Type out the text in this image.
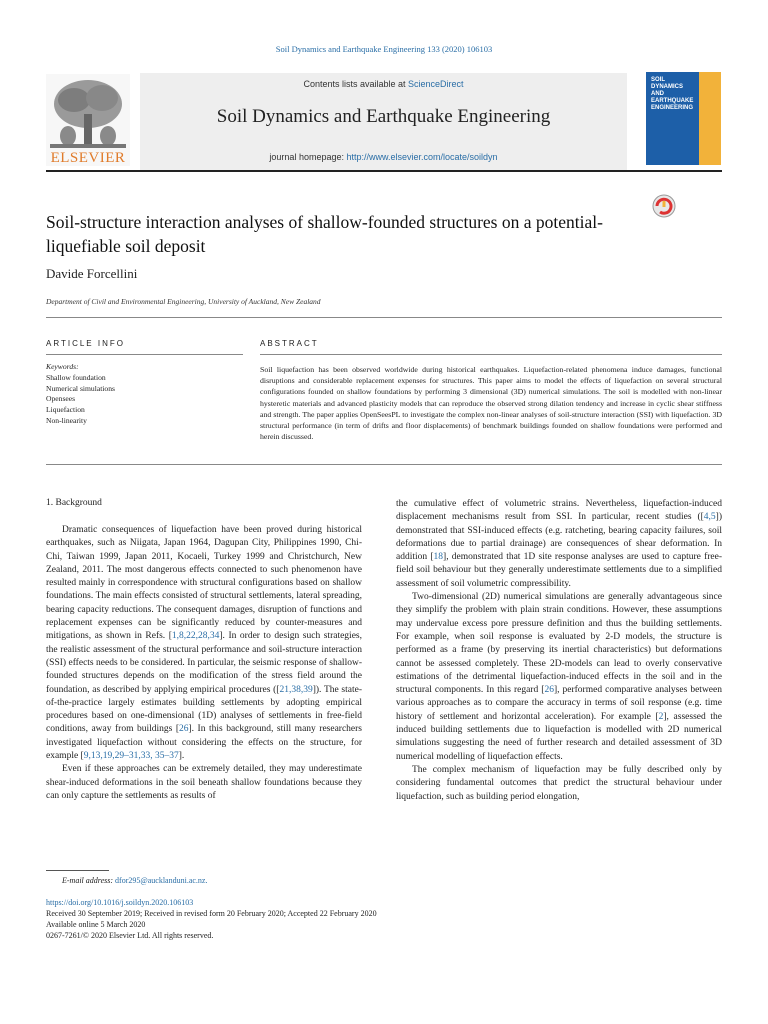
Soil Dynamics and Earthquake Engineering 133 (2020) 106103
ELSEVIER
Contents lists available at ScienceDirect
Soil Dynamics and Earthquake Engineering
journal homepage: http://www.elsevier.com/locate/soildyn
SOIL DYNAMICS AND EARTHQUAKE ENGINEERING
Soil-structure interaction analyses of shallow-founded structures on a potential-liquefiable soil deposit
Davide Forcellini
Department of Civil and Environmental Engineering, University of Auckland, New Zealand
ARTICLE INFO	ABSTRACT
Keywords:
Shallow foundation
Numerical simulations
Opensees
Liquefaction
Non-linearity
Soil liquefaction has been observed worldwide during historical earthquakes. Liquefaction-related phenomena induce damages, functional disruptions and considerable replacement expenses for structures. This paper aims to model the effects of liquefaction on several structural configurations founded on shallow foundations by performing 3 dimensional (3D) numerical simulations. The soil is modelled with non-linear hysteretic materials and advanced plasticity models that can reproduce the observed strong dilation tendency and increase in cyclic shear stiffness and strength. The paper applies OpenSeesPL to investigate the complex non-linear analyses of soil-structure interaction (SSI) with liquefaction. 3D structural performance (in term of drifts and floor displacements) of benchmark buildings founded on shallow foundations were performed and herein discussed.
1. Background

Dramatic consequences of liquefaction have been proved during historical earthquakes, such as Niigata, Japan 1964, Dagupan City, Philippines 1990, Chi-Chi, Taiwan 1999, Japan 2011, Kocaeli, Turkey 1999 and Christchurch, New Zealand, 2011. The most dangerous effects connected to such phenomenon have resulted mainly in correspondence with structural configurations based on shallow foundations. The main effects consisted of structural settlements, lateral spreading, bearing capacity reductions. The consequent damages, disruption of functions and replacement expenses can be significantly reduced by counter-measures and mitigations, as shown in Refs. [1,8,22,28,34]. In order to design such strategies, the realistic assessment of the structural performance and soil-structure interaction (SSI) effects needs to be considered. In particular, the seismic response of shallow-founded structures depends on the modification of the stress field around the foundation, as described by applying empirical procedures ([21,38,39]). The state-of-the-practice largely estimates building settlements by adopting empirical procedures based on one-dimensional (1D) analyses of settlements in free-field conditions, away from buildings [26]. In this background, still many researchers investigated liquefaction without considering the effects on the structure, for example [9,13,19,29–31,33, 35–37].

Even if these approaches can be extremely detailed, they may underestimate shear-induced deformations in the soil beneath shallow foundations because they can only capture the settlements as results of

the cumulative effect of volumetric strains. Nevertheless, liquefaction-induced displacement mechanisms result from SSI. In particular, recent studies ([4,5]) demonstrated that SSI-induced effects (e.g. ratcheting, bearing capacity failures, soil deformations due to partial drainage) are consequences of shear deformation. In addition [18], demonstrated that 1D site response analyses are used to capture free-field soil behaviour but they generally underestimate settlements due to a simplified assessment of soil volumetric compressibility.

Two-dimensional (2D) numerical simulations are generally advantageous since they simplify the problem with plain strain conditions. However, these assumptions may undervalue excess pore pressure definition and thus the building settlements. For example, when soil response is evaluated by 2-D models, the structure is performed as a frame (by preserving its inertial characteristics) but deformations cannot be assessed completely. These 2D-models can lead to overly conservative estimations of the detrimental liquefaction-induced effects in the soil and in the structural components. In this regard [26], performed comparative analyses between various approaches as to compare the accuracy in terms of soil response (e.g. time history of settlement and horizontal acceleration). For example [2], assessed the induced building settlements due to liquefaction is modelled with 2D numerical simulations suggesting the need of further research and detailed assessment of 3D numerical modelling of liquefaction effects.

The complex mechanism of liquefaction may be fully described only by considering fundamental outcomes that predict the structural behaviour under liquefaction, such as building period elongation,

E-mail address: dfor295@aucklanduni.ac.nz.
https://doi.org/10.1016/j.soildyn.2020.106103
Received 30 September 2019; Received in revised form 20 February 2020; Accepted 22 February 2020
Available online 5 March 2020
0267-7261/© 2020 Elsevier Ltd. All rights reserved.
